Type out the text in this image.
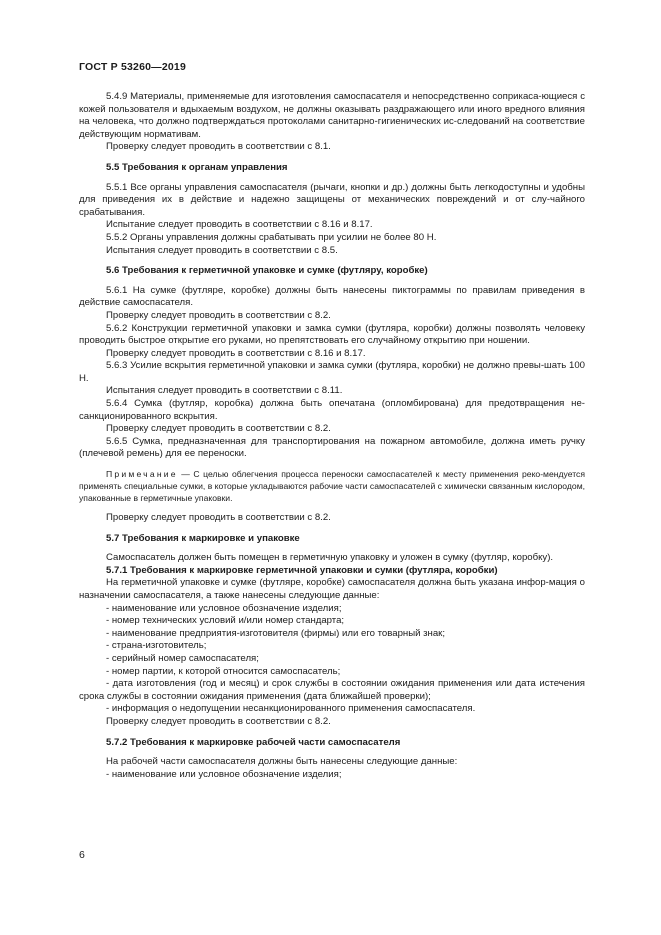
ГОСТ Р 53260—2019

5.4.9 Материалы, применяемые для изготовления самоспасателя и непосредственно соприкаса-ющиеся с кожей пользователя и вдыхаемым воздухом, не должны оказывать раздражающего или иного вредного влияния на человека, что должно подтверждаться протоколами санитарно-гигиенических ис-следований на соответствие действующим нормативам.

Проверку следует проводить в соответствии с 8.1.

5.5 Требования к органам управления

5.5.1 Все органы управления самоспасателя (рычаги, кнопки и др.) должны быть легкодоступны и удобны для приведения их в действие и надежно защищены от механических повреждений и от слу-чайного срабатывания.

Испытание следует проводить в соответствии с 8.16 и 8.17.

5.5.2 Органы управления должны срабатывать при усилии не более 80 Н.

Испытания следует проводить в соответствии с 8.5.

5.6 Требования к герметичной упаковке и сумке (футляру, коробке)

5.6.1 На сумке (футляре, коробке) должны быть нанесены пиктограммы по правилам приведения в действие самоспасателя.

Проверку следует проводить в соответствии с 8.2.

5.6.2 Конструкции герметичной упаковки и замка сумки (футляра, коробки) должны позволять человеку проводить быстрое открытие его руками, но препятствовать его случайному открытию при ношении.

Проверку следует проводить в соответствии с 8.16 и 8.17.

5.6.3 Усилие вскрытия герметичной упаковки и замка сумки (футляра, коробки) не должно превы-шать 100 Н.

Испытания следует проводить в соответствии с 8.11.

5.6.4 Сумка (футляр, коробка) должна быть опечатана (опломбирована) для предотвращения не-санкционированного вскрытия.

Проверку следует проводить в соответствии с 8.2.

5.6.5 Сумка, предназначенная для транспортирования на пожарном автомобиле, должна иметь ручку (плечевой ремень) для ее переноски.

Примечание — С целью облегчения процесса переноски самоспасателей к месту применения реко-мендуется применять специальные сумки, в которые укладываются рабочие части самоспасателей с химически связанным кислородом, упакованные в герметичные упаковки.

Проверку следует проводить в соответствии с 8.2.

5.7 Требования к маркировке и упаковке

Самоспасатель должен быть помещен в герметичную упаковку и уложен в сумку (футляр, коробку).

5.7.1 Требования к маркировке герметичной упаковки и сумки (футляра, коробки)

На герметичной упаковке и сумке (футляре, коробке) самоспасателя должна быть указана инфор-мация о назначении самоспасателя, а также нанесены следующие данные:

- наименование или условное обозначение изделия;

- номер технических условий и/или номер стандарта;

- наименование предприятия-изготовителя (фирмы) или его товарный знак;

- страна-изготовитель;

- серийный номер самоспасателя;

- номер партии, к которой относится самоспасатель;

- дата изготовления (год и месяц) и срок службы в состоянии ожидания применения или дата истечения срока службы в состоянии ожидания применения (дата ближайшей проверки);

- информация о недопущении несанкционированного применения самоспасателя.

Проверку следует проводить в соответствии с 8.2.

5.7.2 Требования к маркировке рабочей части самоспасателя

На рабочей части самоспасателя должны быть нанесены следующие данные:

- наименование или условное обозначение изделия;

6
